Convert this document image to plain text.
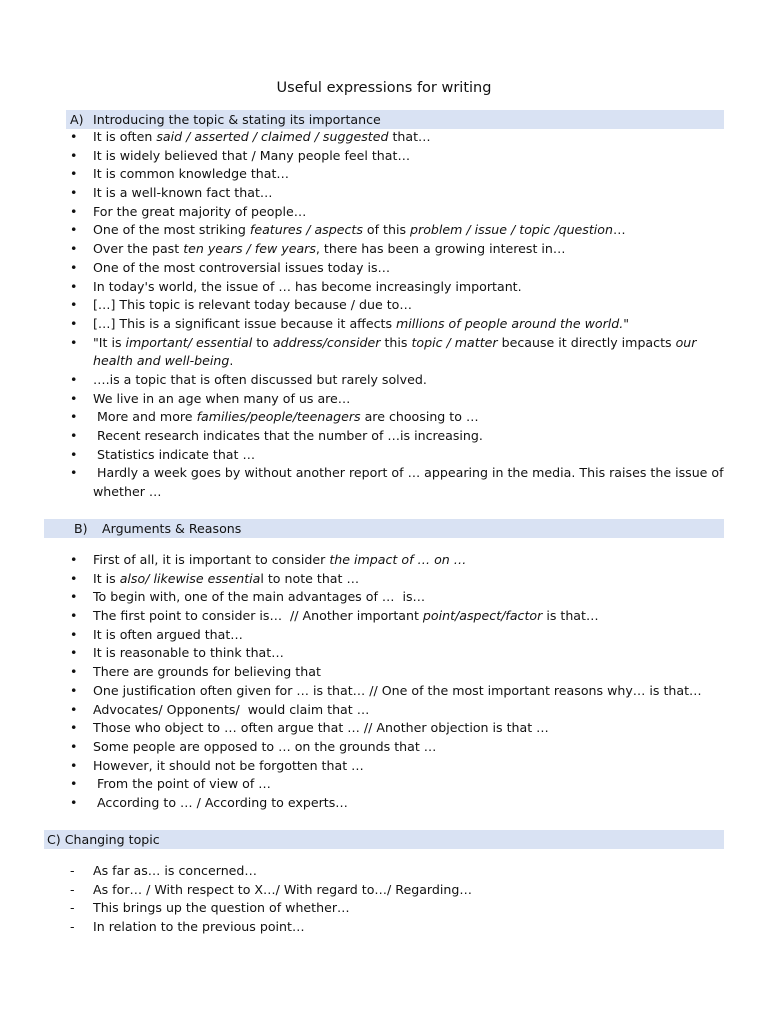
Useful expressions for writing
A) Introducing the topic & stating its importance
• It is often said / asserted / claimed / suggested that…
• It is widely believed that / Many people feel that…
• It is common knowledge that…
• It is a well-known fact that…
• For the great majority of people…
• One of the most striking features / aspects of this problem / issue / topic /question…
• Over the past ten years / few years, there has been a growing interest in…
• One of the most controversial issues today is…
• In today's world, the issue of … has become increasingly important.
• […] This topic is relevant today because / due to…
• […] This is a significant issue because it affects millions of people around the world."
• "It is important/ essential to address/consider this topic / matter because it directly impacts our
health and well-being.
• ….is a topic that is often discussed but rarely solved.
• We live in an age when many of us are…
• More and more families/people/teenagers are choosing to …
• Recent research indicates that the number of …is increasing.
• Statistics indicate that …
• Hardly a week goes by without another report of … appearing in the media. This raises the issue of
whether …
B) Arguments & Reasons
• First of all, it is important to consider the impact of … on …
• It is also/ likewise essential to note that …
• To begin with, one of the main advantages of …  is…
• The first point to consider is…  // Another important point/aspect/factor is that…
• It is often argued that…
• It is reasonable to think that…
• There are grounds for believing that
• One justification often given for … is that… // One of the most important reasons why… is that…
• Advocates/ Opponents/  would claim that …
• Those who object to … often argue that … // Another objection is that …
• Some people are opposed to … on the grounds that …
• However, it should not be forgotten that …
• From the point of view of …
• According to … / According to experts…
C) Changing topic
- As far as… is concerned…
- As for… / With respect to X…/ With regard to…/ Regarding…
- This brings up the question of whether…
- In relation to the previous point…
